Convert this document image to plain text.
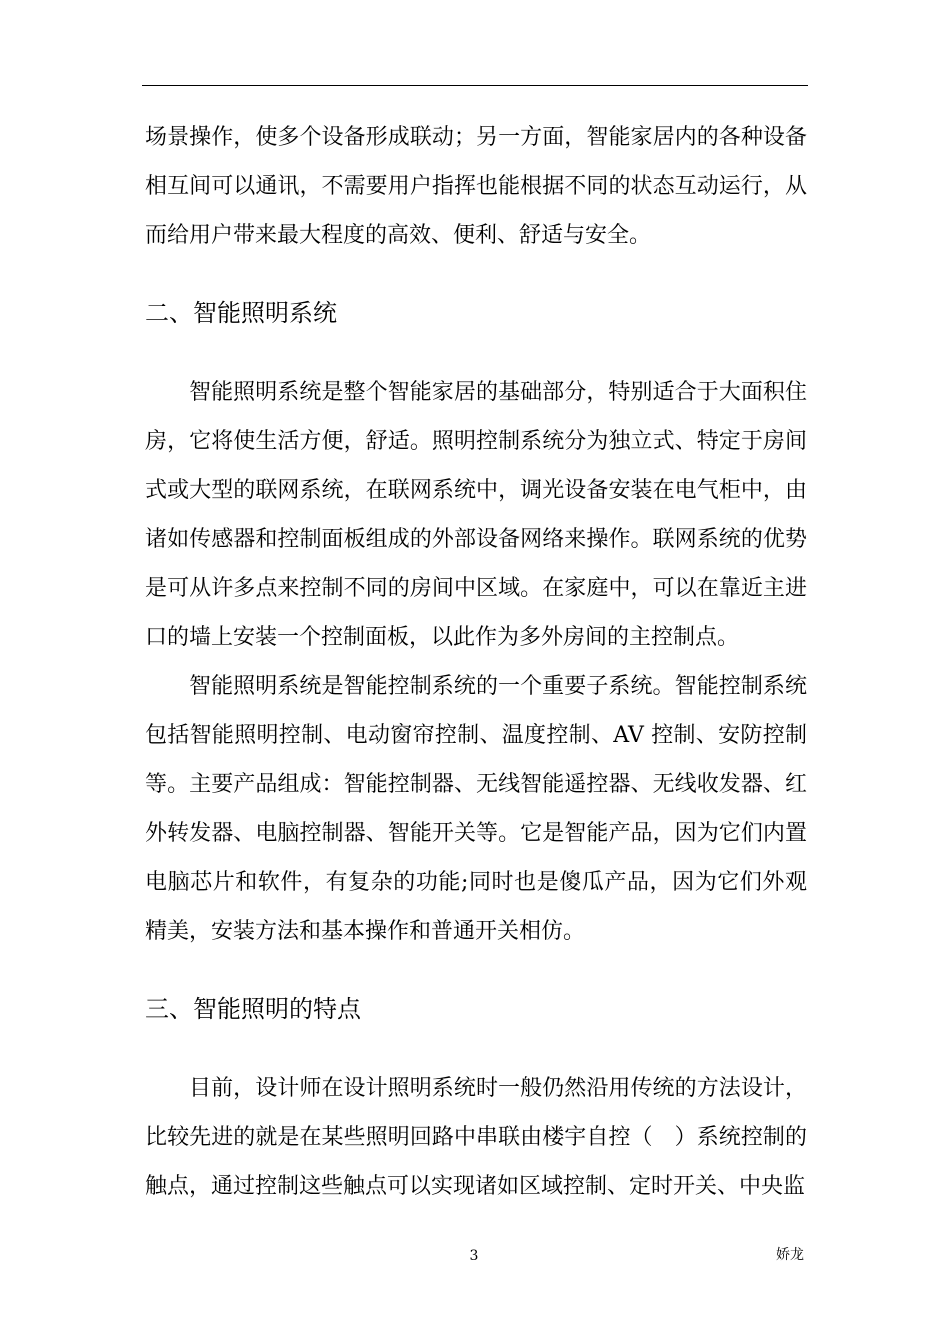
场景操作，使多个设备形成联动；另一方面，智能家居内的各种设备相互间可以通讯，不需要用户指挥也能根据不同的状态互动运行，从而给用户带来最大程度的高效、便利、舒适与安全。

二、智能照明系统

智能照明系统是整个智能家居的基础部分，特别适合于大面积住房，它将使生活方便，舒适。照明控制系统分为独立式、特定于房间式或大型的联网系统，在联网系统中，调光设备安装在电气柜中，由诸如传感器和控制面板组成的外部设备网络来操作。联网系统的优势是可从许多点来控制不同的房间中区域。在家庭中，可以在靠近主进口的墙上安装一个控制面板，以此作为多外房间的主控制点。

智能照明系统是智能控制系统的一个重要子系统。智能控制系统包括智能照明控制、电动窗帘控制、温度控制、AV 控制、安防控制等。主要产品组成：智能控制器、无线智能遥控器、无线收发器、红外转发器、电脑控制器、智能开关等。它是智能产品，因为它们内置电脑芯片和软件，有复杂的功能;同时也是傻瓜产品，因为它们外观精美，安装方法和基本操作和普通开关相仿。

三、智能照明的特点

目前，设计师在设计照明系统时一般仍然沿用传统的方法设计，比较先进的就是在某些照明回路中串联由楼宇自控（　）系统控制的触点，通过控制这些触点可以实现诸如区域控制、定时开关、中央监

3	娇龙
